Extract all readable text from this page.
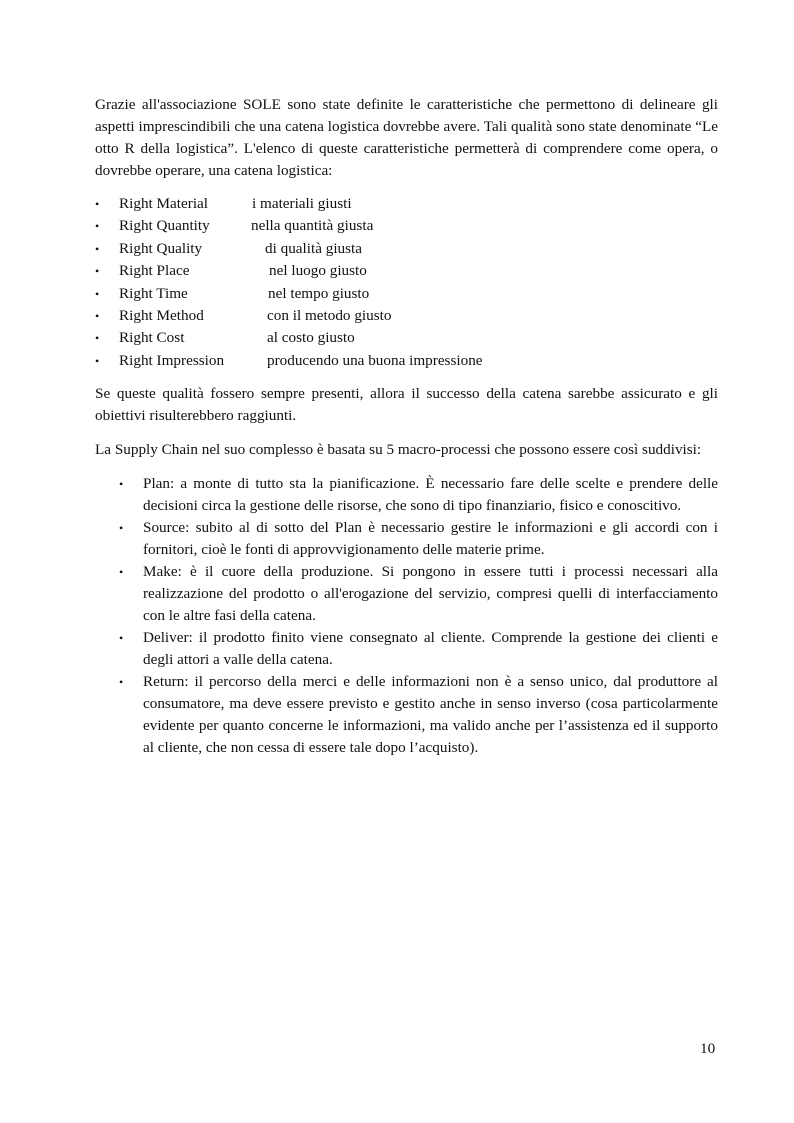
Grazie all'associazione SOLE sono state definite le caratteristiche che permettono di delineare gli aspetti imprescindibili che una catena logistica dovrebbe avere. Tali qualità sono state denominate “Le otto R della logistica”. L'elenco di queste caratteristiche permetterà di comprendere come opera, o dovrebbe operare, una catena logistica:

• Right Material	i materiali giusti
• Right Quantity	nella quantità giusta
• Right Quality	di qualità giusta
• Right Place	nel luogo giusto
• Right Time	nel tempo giusto
• Right Method	con il metodo giusto
• Right Cost	al costo giusto
• Right Impression	producendo una buona impressione

Se queste qualità fossero sempre presenti, allora il successo della catena sarebbe assicurato e gli obiettivi risulterebbero raggiunti.

La Supply Chain nel suo complesso è basata su 5 macro-processi che possono essere così suddivisi:

• Plan: a monte di tutto sta la pianificazione. È necessario fare delle scelte e prendere delle decisioni circa la gestione delle risorse, che sono di tipo finanziario, fisico e conoscitivo.
• Source: subito al di sotto del Plan è necessario gestire le informazioni e gli accordi con i fornitori, cioè le fonti di approvvigionamento delle materie prime.
• Make: è il cuore della produzione. Si pongono in essere tutti i processi necessari alla realizzazione del prodotto o all'erogazione del servizio, compresi quelli di interfacciamento con le altre fasi della catena.
• Deliver: il prodotto finito viene consegnato al cliente. Comprende la gestione dei clienti e degli attori a valle della catena.
• Return: il percorso della merci e delle informazioni non è a senso unico, dal produttore al consumatore, ma deve essere previsto e gestito anche in senso inverso (cosa particolarmente evidente per quanto concerne le informazioni, ma valido anche per l’assistenza ed il supporto al cliente, che non cessa di essere tale dopo l’acquisto).
10
